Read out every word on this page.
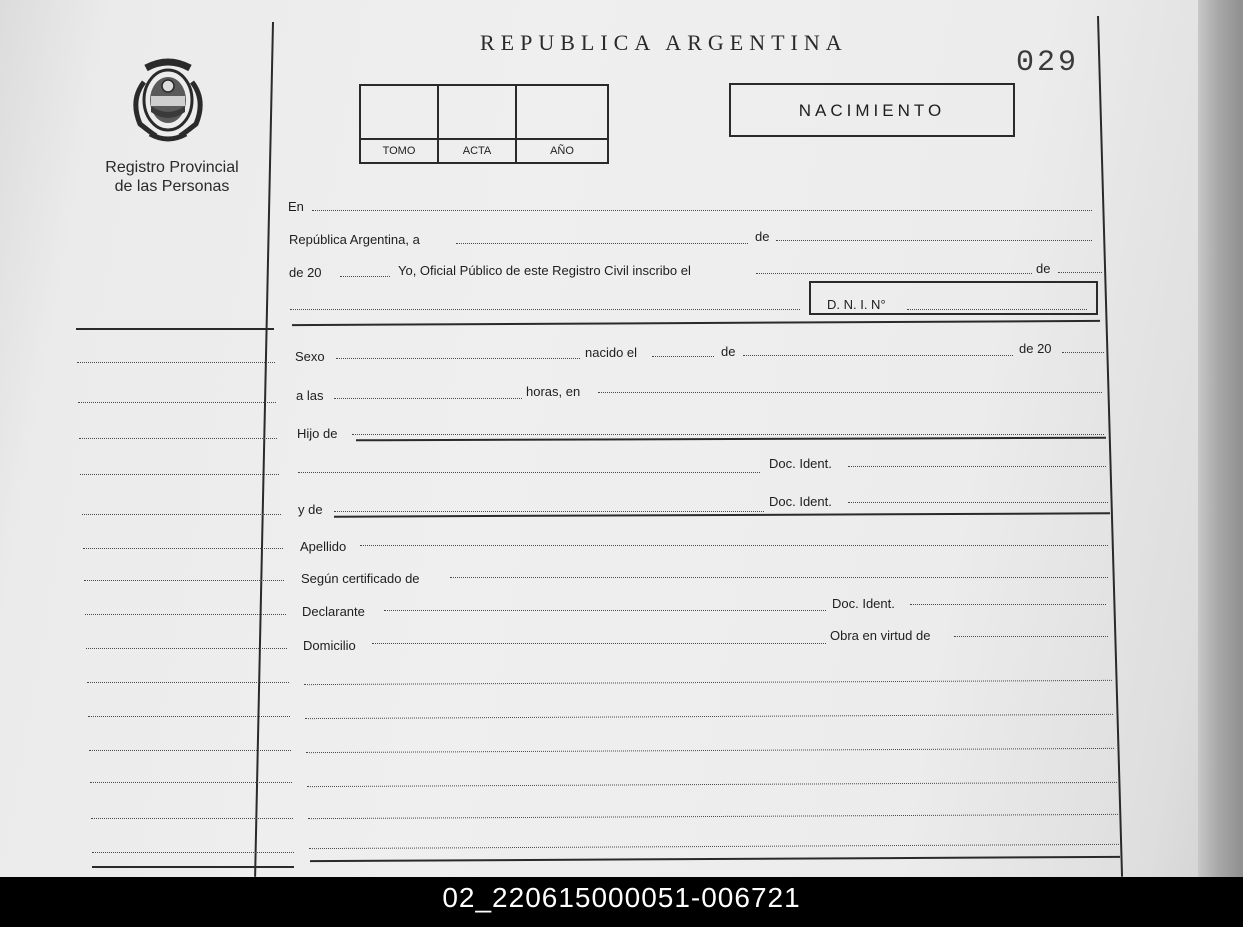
Registro Provincial
de las Personas
REPUBLICA ARGENTINA
029
TOMO	ACTA	AÑO
NACIMIENTO
En
República Argentina, a	de
de 20	Yo, Oficial Público de este Registro Civil inscribo el	de
D. N. I. N°
Sexo	nacido el	de	de 20
a las	horas, en
Hijo de
Doc. Ident.
y de
Doc. Ident.
Apellido
Según certificado de
Declarante
Doc. Ident.
Domicilio
Obra en virtud de
02_220615000051-006721
